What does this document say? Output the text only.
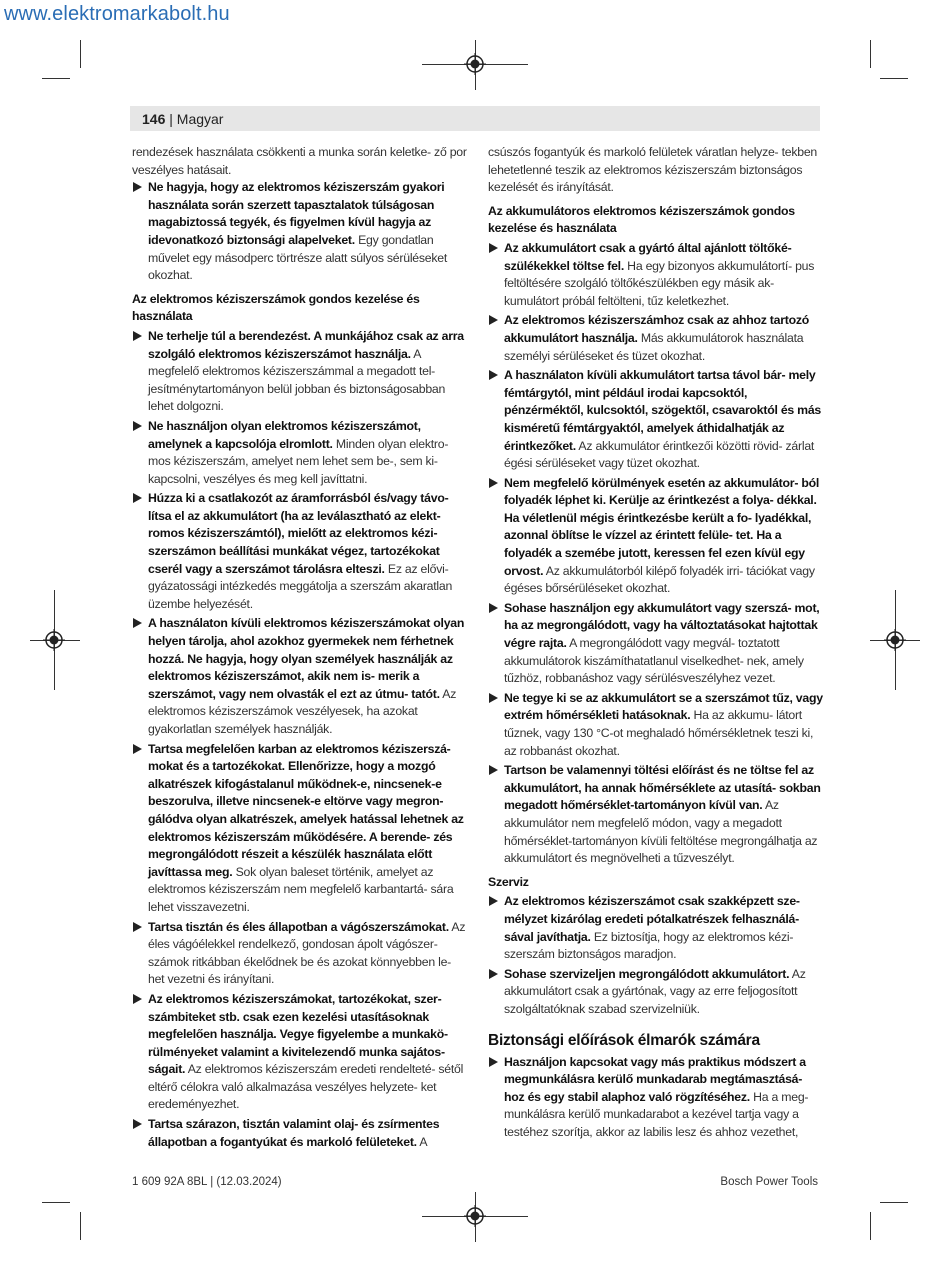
www.elektromarkabolt.hu
146 | Magyar
rendezések használata csökkenti a munka során keletke- ző por veszélyes hatásait.
Ne hagyja, hogy az elektromos kéziszerszám gyakori használata során szerzett tapasztalatok túlságosan magabiztossá tegyék, és figyelmen kívül hagyja az idevonatkozó biztonsági alapelveket. Egy gondatlan művelet egy másodperc törtrésze alatt súlyos sérüléseket okozhat.
Az elektromos kéziszerszámok gondos kezelése és használata
Ne terhelje túl a berendezést. A munkájához csak az arra szolgáló elektromos kéziszerszámot használja. A megfelelő elektromos kéziszerszámmal a megadott tel- jesítménytartományon belül jobban és biztonságosabban lehet dolgozni.
Ne használjon olyan elektromos kéziszerszámot, amelynek a kapcsolója elromlott. Minden olyan elektro- mos kéziszerszám, amelyet nem lehet sem be-, sem ki- kapcsolni, veszélyes és meg kell javíttatni.
Húzza ki a csatlakozót az áramforrásból és/vagy távo- lítsa el az akkumulátort (ha az leválasztható az elekt- romos kéziszerszámtól), mielőtt az elektromos kézi- szerszámon beállítási munkákat végez, tartozékokat cserél vagy a szerszámot tárolásra elteszi. Ez az elővi- gyázatossági intézkedés meggátolja a szerszám akaratlan üzembe helyezését.
A használaton kívüli elektromos kéziszerszámokat olyan helyen tárolja, ahol azokhoz gyermekek nem férhetnek hozzá. Ne hagyja, hogy olyan személyek használják az elektromos kéziszerszámot, akik nem is- merik a szerszámot, vagy nem olvasták el ezt az útmu- tatót. Az elektromos kéziszerszámok veszélyesek, ha azokat gyakorlatlan személyek használják.
Tartsa megfelelően karban az elektromos kéziszerszá- mokat és a tartozékokat. Ellenőrizze, hogy a mozgó alkatrészek kifogástalanul működnek-e, nincsenek-e beszorulva, illetve nincsenek-e eltörve vagy megron- gálódva olyan alkatrészek, amelyek hatással lehetnek az elektromos kéziszerszám működésére. A berende- zés megrongálódott részeit a készülék használata előtt javíttassa meg. Sok olyan baleset történik, amelyet az elektromos kéziszerszám nem megfelelő karbantartá- sára lehet visszavezetni.
Tartsa tisztán és éles állapotban a vágószerszámokat. Az éles vágóélekkel rendelkező, gondosan ápolt vágószer- számok ritkábban ékelődnek be és azokat könnyebben le- het vezetni és irányítani.
Az elektromos kéziszerszámokat, tartozékokat, szer- számbiteket stb. csak ezen kezelési utasításoknak megfelelően használja. Vegye figyelembe a munkakö- rülményeket valamint a kivitelezendő munka sajátos- ságait. Az elektromos kéziszerszám eredeti rendelteté- sétől eltérő célokra való alkalmazása veszélyes helyzete- ket eredeményezhet.
Tartsa szárazon, tisztán valamint olaj- és zsírmentes állapotban a fogantyúkat és markoló felületeket. A
csúszós fogantyúk és markoló felületek váratlan helyze- tekben lehetetlenné teszik az elektromos kéziszerszám biztonságos kezelését és irányítását.
Az akkumulátoros elektromos kéziszerszámok gondos kezelése és használata
Az akkumulátort csak a gyártó által ajánlott töltőké- szülékekkel töltse fel. Ha egy bizonyos akkumulátortí- pus feltöltésére szolgáló töltőkészülékben egy másik ak- kumulátort próbál feltölteni, tűz keletkezhet.
Az elektromos kéziszerszámhoz csak az ahhoz tartozó akkumulátort használja. Más akkumulátorok használata személyi sérüléseket és tüzet okozhat.
A használaton kívüli akkumulátort tartsa távol bár- mely fémtárgytól, mint például irodai kapcsoktól, pénzérméktől, kulcsoktól, szögektől, csavaroktól és más kisméretű fémtárgyaktól, amelyek áthidalhatják az érintkezőket. Az akkumulátor érintkezői közötti rövid- zárlat égési sérüléseket vagy tüzet okozhat.
Nem megfelelő körülmények esetén az akkumulátor- ból folyadék léphet ki. Kerülje az érintkezést a folya- dékkal. Ha véletlenül mégis érintkezésbe került a fo- lyadékkal, azonnal öblítse le vízzel az érintett felüle- tet. Ha a folyadék a szemébe jutott, keressen fel ezen kívül egy orvost. Az akkumulátorból kilépő folyadék irri- tációkat vagy égéses bőrsérüléseket okozhat.
Sohase használjon egy akkumulátort vagy szerszá- mot, ha az megrongálódott, vagy ha változtatásokat hajtottak végre rajta. A megrongálódott vagy megvál- toztatott akkumulátorok kiszámíthatatlanul viselkedhet- nek, amely tűzhöz, robbanáshoz vagy sérülésveszélyhez vezet.
Ne tegye ki se az akkumulátort se a szerszámot tűz, vagy extrém hőmérsékleti hatásoknak. Ha az akkumu- látort tűznek, vagy 130 °C-ot meghaladó hőmérsékletnek teszi ki, az robbanást okozhat.
Tartson be valamennyi töltési előírást és ne töltse fel az akkumulátort, ha annak hőmérséklete az utasítá- sokban megadott hőmérséklet-tartományon kívül van. Az akkumulátor nem megfelelő módon, vagy a megadott hőmérséklet-tartományon kívüli feltöltése megrongálhatja az akkumulátort és megnövelheti a tűzveszélyt.
Szerviz
Az elektromos kéziszerszámot csak szakképzett sze- mélyzet kizárólag eredeti pótalkatrészek felhasználá- sával javíthatja. Ez biztosítja, hogy az elektromos kézi- szerszám biztonságos maradjon.
Sohase szervizeljen megrongálódott akkumulátort. Az akkumulátort csak a gyártónak, vagy az erre feljogosított szolgáltatóknak szabad szervizelniük.
Biztonsági előírások élmarók számára
Használjon kapcsokat vagy más praktikus módszert a megmunkálásra kerülő munkadarab megtámasztásá- hoz és egy stabil alaphoz való rögzítéséhez. Ha a meg- munkálásra kerülő munkadarabot a kezével tartja vagy a testéhez szorítja, akkor az labilis lesz és ahhoz vezethet,
1 609 92A 8BL | (12.03.2024)	Bosch Power Tools
